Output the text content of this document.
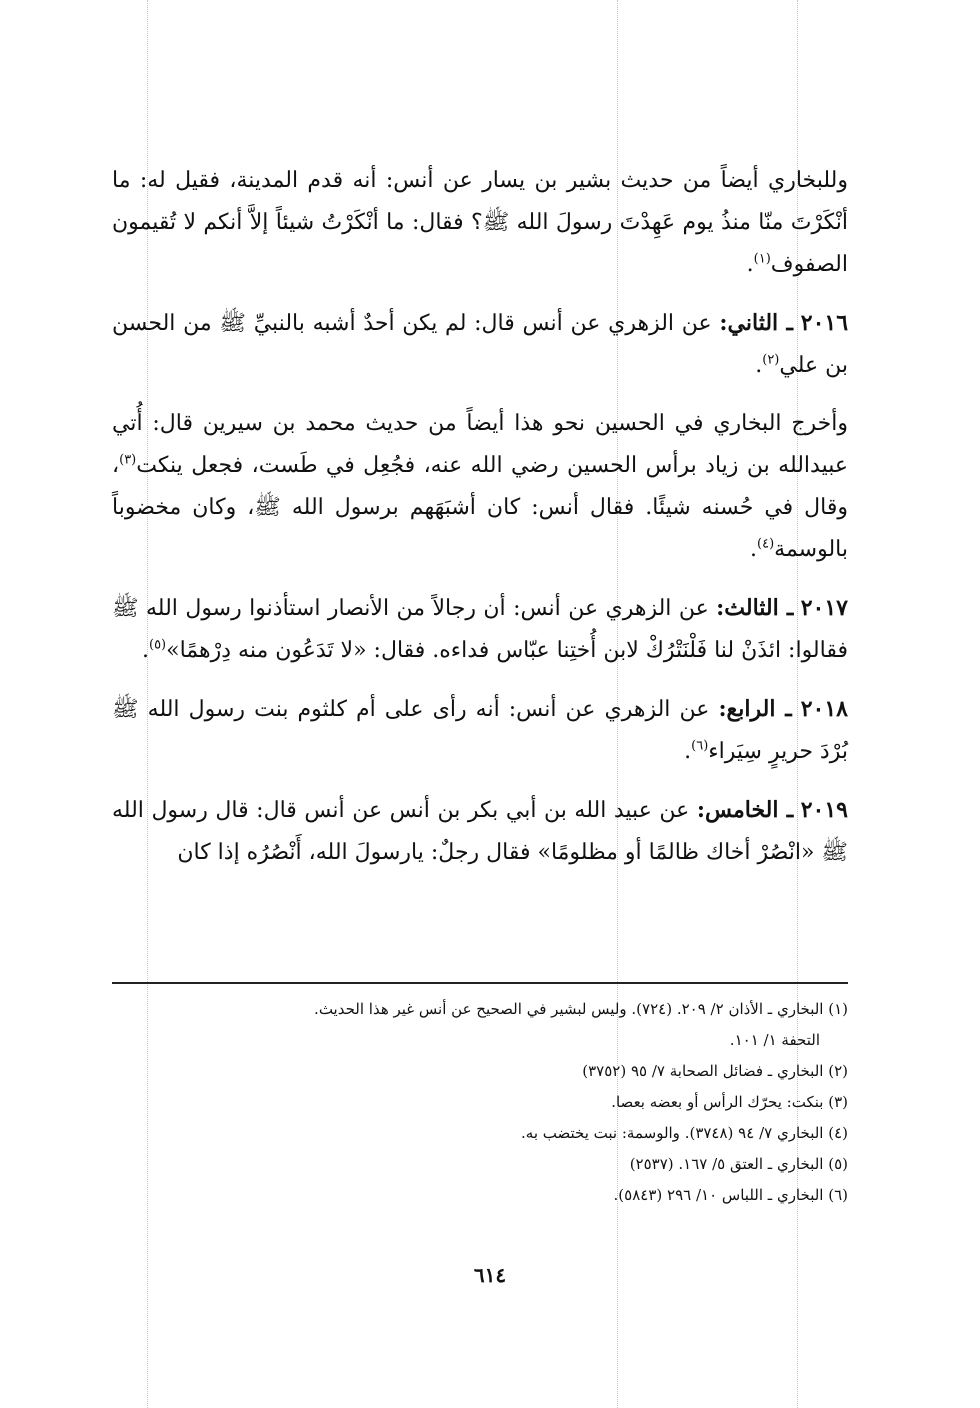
وللبخاري أيضاً من حديث بشير بن يسار عن أنس: أنه قدم المدينة، فقيل له: ما أنْكَرْتَ منّا منذُ يوم عَهِدْتَ رسولَ الله ﷺ؟ فقال: ما أنْكَرْتُ شيئاً إلاَّ أنكم لا تُقيمون الصفوف$^{(١)}$.

٢٠١٦ ـ الثاني: عن الزهري عن أنس قال: لم يكن أحدٌ أشبه بالنبيِّ ﷺ من الحسن بن علي$^{(٢)}$.

وأخرج البخاري في الحسين نحو هذا أيضاً من حديث محمد بن سيرين قال: أُتي عبيدالله بن زياد برأس الحسين رضي الله عنه، فجُعِل في طَست، فجعل ينكت$^{(٣)}$، وقال في حُسنه شيئًا. فقال أنس: كان أشبَهَهم برسول الله ﷺ، وكان مخضوباً بالوسمة$^{(٤)}$.

٢٠١٧ ـ الثالث: عن الزهري عن أنس: أن رجالاً من الأنصار استأذنوا رسول الله ﷺ فقالوا: ائذَنْ لنا فَلْنَتْرُكْ لابن أُختِنا عبّاس فداءه. فقال: «لا تَدَعُون منه دِرْهمًا»$^{(٥)}$.

٢٠١٨ ـ الرابع: عن الزهري عن أنس: أنه رأى على أم كلثوم بنت رسول الله ﷺ بُرْدَ حريرٍ سِيَراء$^{(٦)}$.

٢٠١٩ ـ الخامس: عن عبيد الله بن أبي بكر بن أنس عن أنس قال: قال رسول الله ﷺ «انْصُرْ أخاك ظالمًا أو مظلومًا» فقال رجلٌ: يارسولَ الله، أَنْصُرُه إذا كان

(١) البخاري ـ الأذان ٢/ ٢٠٩. (٧٢٤). وليس لبشير في الصحيح عن أنس غير هذا الحديث.
التحفة ١/ ١٠١.

(٢) البخاري ـ فضائل الصحابة ٧/ ٩٥ (٣٧٥٢)

(٣) بنكت: يحرّك الرأس أو بعضه بعصا.

(٤) البخاري ٧/ ٩٤ (٣٧٤٨). والوسمة: نبت يختضب به.

(٥) البخاري ـ العتق ٥/ ١٦٧. (٢٥٣٧)

(٦) البخاري ـ اللباس ١٠/ ٢٩٦ (٥٨٤٣).

٦١٤
